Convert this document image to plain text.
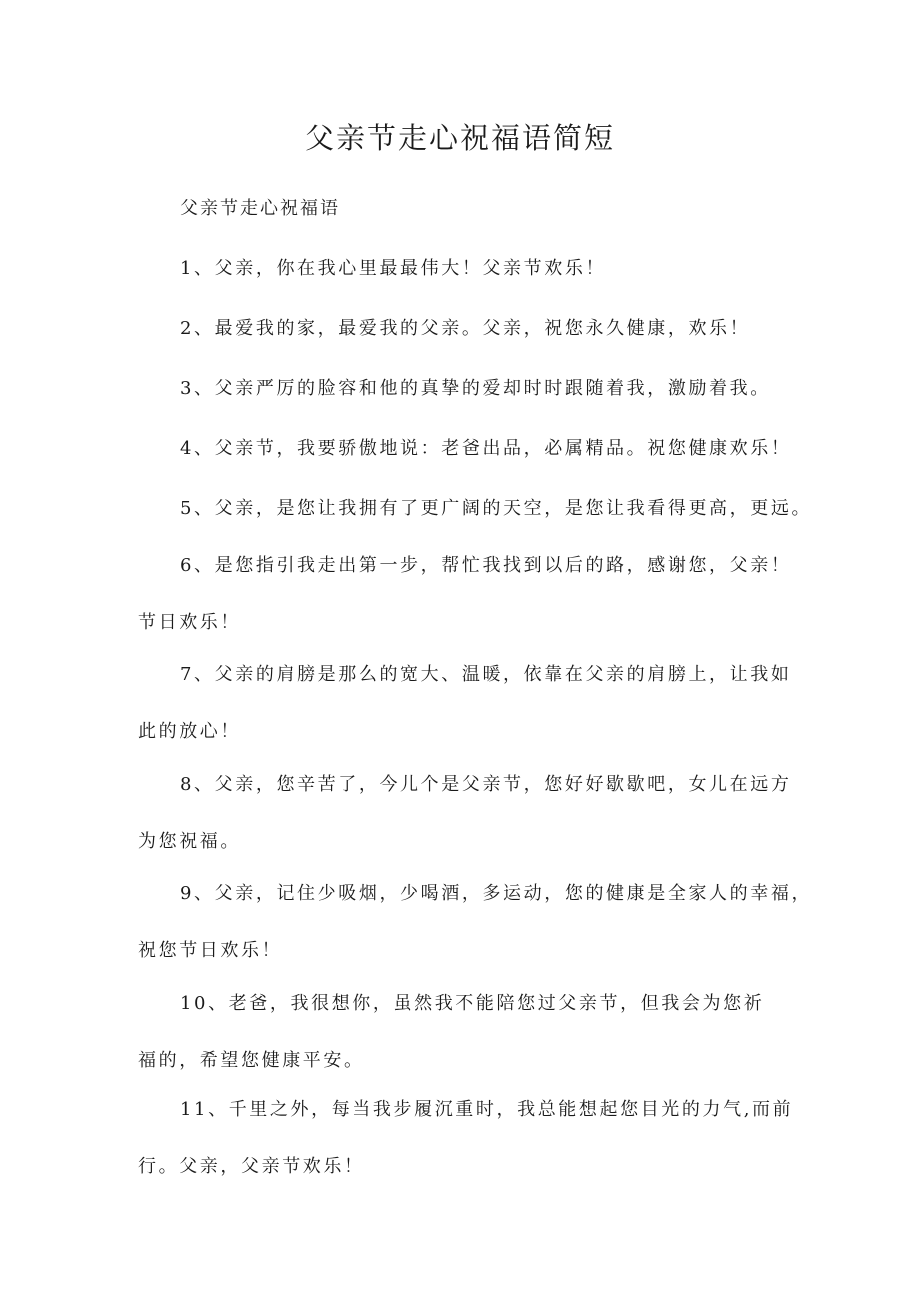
父亲节走心祝福语简短

父亲节走心祝福语

1、父亲，你在我心里最最伟大！父亲节欢乐！

2、最爱我的家，最爱我的父亲。父亲，祝您永久健康，欢乐！

3、父亲严厉的脸容和他的真挚的爱却时时跟随着我，激励着我。

4、父亲节，我要骄傲地说：老爸出品，必属精品。祝您健康欢乐！

5、父亲，是您让我拥有了更广阔的天空，是您让我看得更高，更远。

6、是您指引我走出第一步，帮忙我找到以后的路，感谢您，父亲！
节日欢乐！

7、父亲的肩膀是那么的宽大、温暖，依靠在父亲的肩膀上，让我如
此的放心！

8、父亲，您辛苦了，今儿个是父亲节，您好好歇歇吧，女儿在远方
为您祝福。

9、父亲，记住少吸烟，少喝酒，多运动，您的健康是全家人的幸福，
祝您节日欢乐！

10、老爸，我很想你，虽然我不能陪您过父亲节，但我会为您祈
福的，希望您健康平安。

11、千里之外，每当我步履沉重时，我总能想起您目光的力气,而前
行。父亲，父亲节欢乐！
